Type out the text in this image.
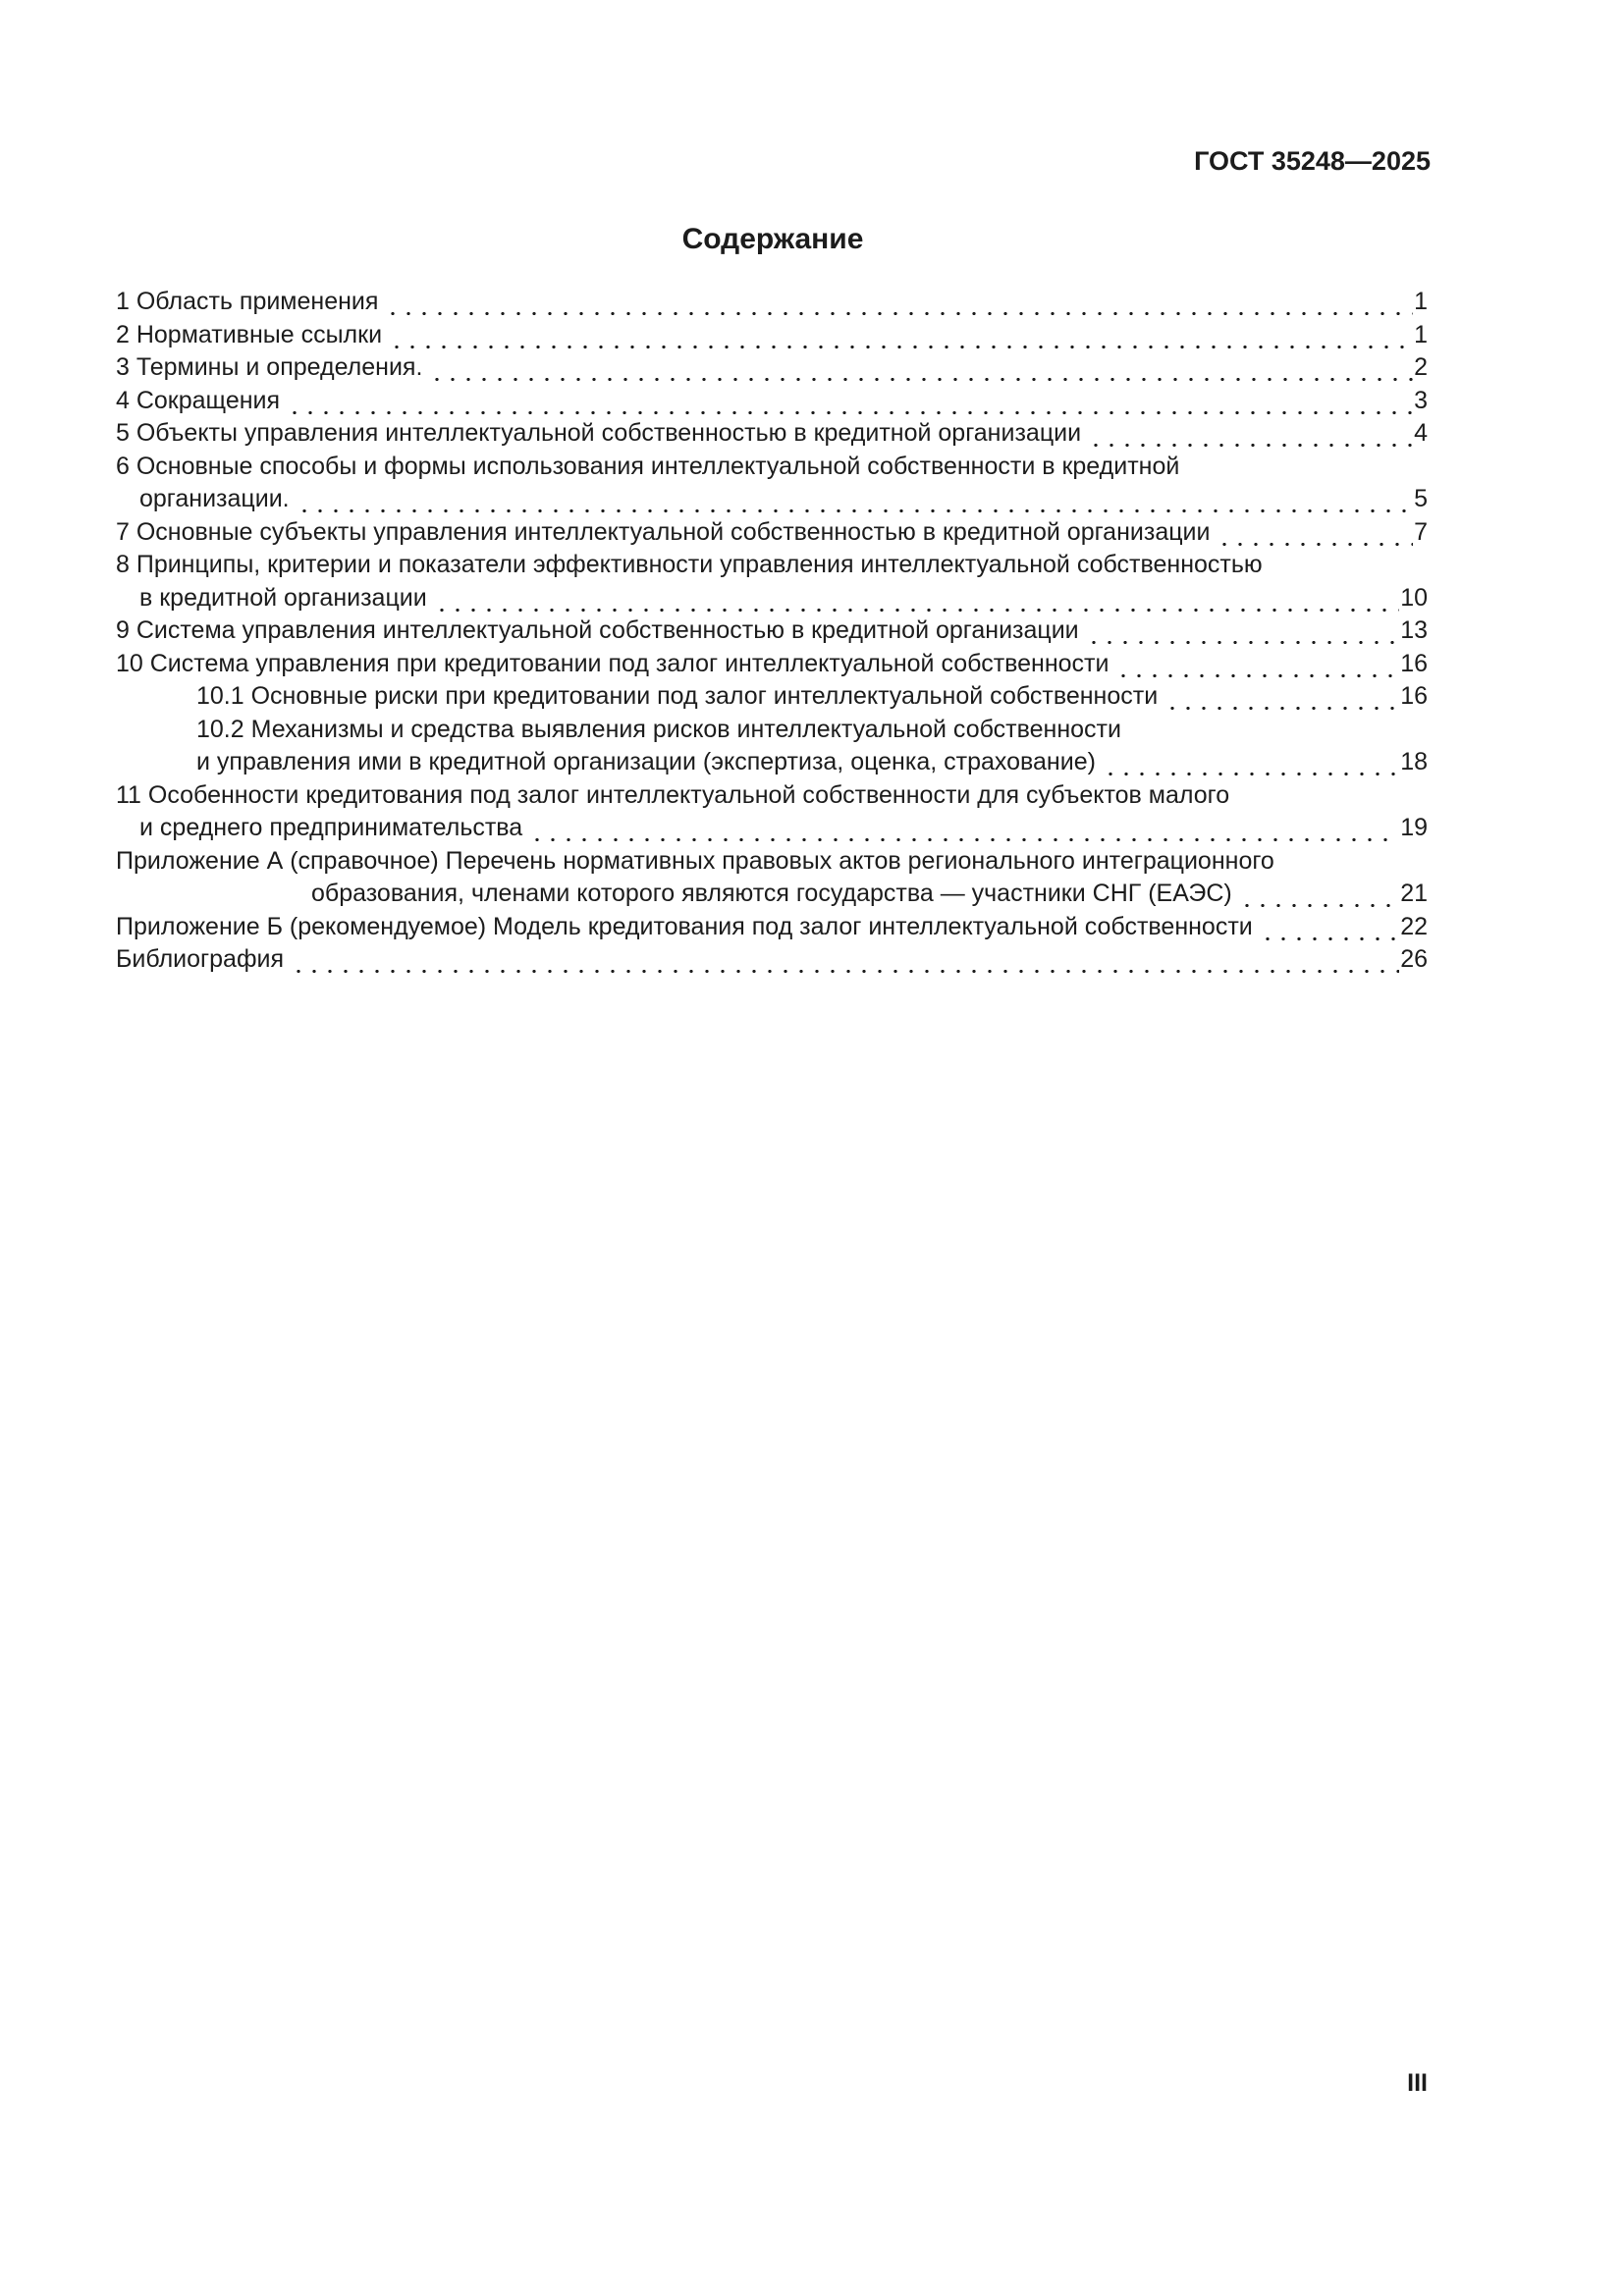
ГОСТ 35248—2025
Содержание
1 Область применения	1
2 Нормативные ссылки	1
3 Термины и определения.	2
4 Сокращения	3
5 Объекты управления интеллектуальной собственностью в кредитной организации	4
6 Основные способы и формы использования интеллектуальной собственности в кредитной
организации.	5
7 Основные субъекты управления интеллектуальной собственностью в кредитной организации	7
8 Принципы, критерии и показатели эффективности управления интеллектуальной собственностью
в кредитной организации	10
9 Система управления интеллектуальной собственностью в кредитной организации	13
10 Система управления при кредитовании под залог интеллектуальной собственности	16
10.1 Основные риски при кредитовании под залог интеллектуальной собственности	16
10.2 Механизмы и средства выявления рисков интеллектуальной собственности
и управления ими в кредитной организации (экспертиза, оценка, страхование)	18
11 Особенности кредитования под залог интеллектуальной собственности для субъектов малого
и среднего предпринимательства	19
Приложение А (справочное) Перечень нормативных правовых актов регионального интеграционного
образования, членами которого являются государства — участники СНГ (ЕАЭС)	21
Приложение Б (рекомендуемое) Модель кредитования под залог интеллектуальной собственности	22
Библиография	26
III
